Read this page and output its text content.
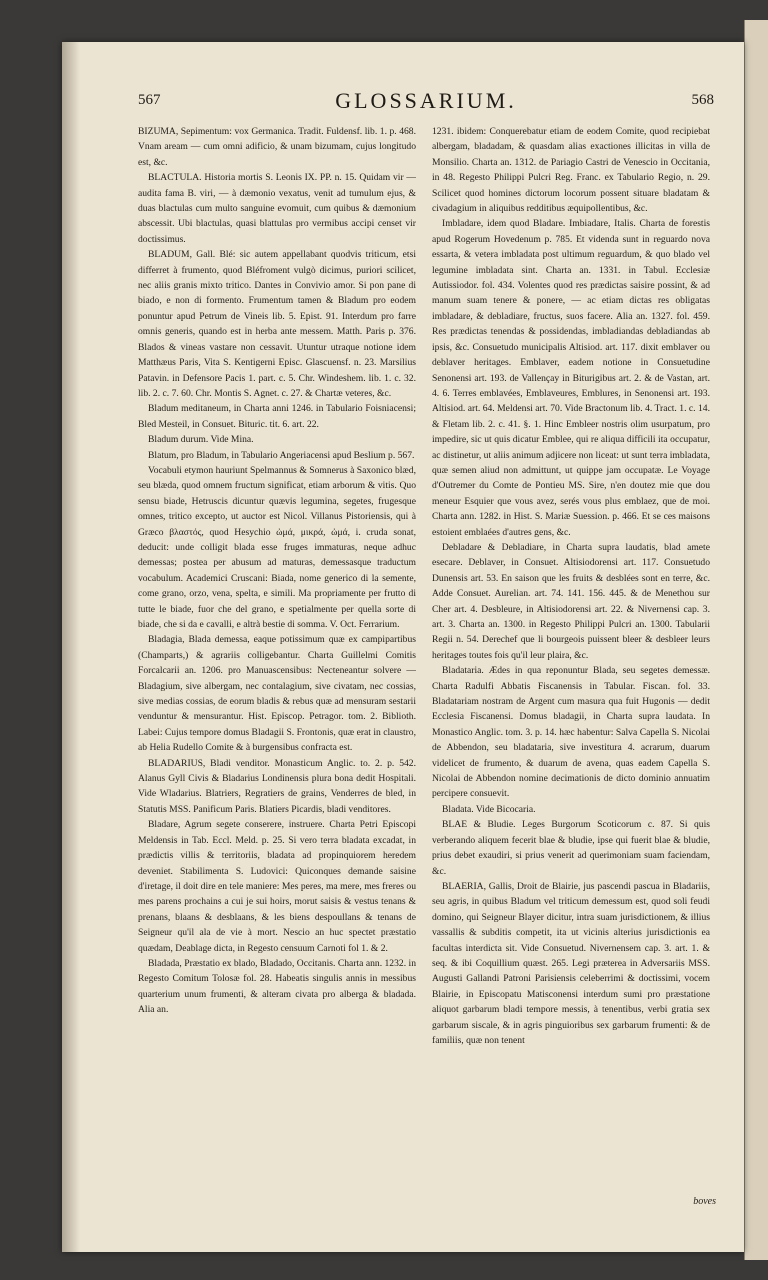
567	GLOSSARIUM.	568

BIZUMA, Sepimentum: vox Germanica. Tradit. Fuldensf. lib. 1. p. 468. Vnam aream — cum omni adificio, & unam bizumam, cujus longitudo est, &c.

BLACTULA. Historia mortis S. Leonis IX. PP. n. 15. Quidam vir — audita fama B. viri, — à dæmonio vexatus, venit ad tumulum ejus, & duas blactulas cum multo sanguine evomuit, cum quibus & dæmonium abscessit. Ubi blactulas, quasi blattulas pro vermibus accipi censet vir doctissimus.

BLADUM, Gall. Blé: sic autem appellabant quodvis triticum, etsi differret à frumento, quod Bléfroment vulgò dicimus, puriori scilicet, nec aliis granis mixto tritico. Dantes in Convivio amor. Si pon pane di biado, e non di formento. Frumentum tamen & Bladum pro eodem ponuntur apud Petrum de Vineis lib. 5. Epist. 91. Interdum pro farre omnis generis, quando est in herba ante messem. Matth. Paris p. 376. Blados & vineas vastare non cessavit. Utuntur utraque notione idem Matthæus Paris, Vita S. Kentigerni Episc. Glascuensf. n. 23. Marsilius Patavin. in Defensore Pacis 1. part. c. 5. Chr. Windeshem. lib. 1. c. 32. lib. 2. c. 7. 60. Chr. Montis S. Agnet. c. 27. & Chartæ veteres, &c.

Bladum meditaneum, in Charta anni 1246. in Tabulario Foisniacensi; Bled Mesteil, in Consuet. Bituric. tit. 6. art. 22.

Bladum durum. Vide Mina.

Blatum, pro Bladum, in Tabulario Angeriacensi apud Beslium p. 567.

Vocabuli etymon hauriunt Spelmannus & Somnerus à Saxonico blæd, seu blæda, quod omnem fructum significat, etiam arborum & vitis. Quo sensu biade, Hetruscis dicuntur quævis legumina, segetes, frugesque omnes, tritico excepto, ut auctor est Nicol. Villanus Pistoriensis, qui à Græco βλαστός, quod Hesychio ὠμά, μικρά, ὠμά, i. cruda sonat, deducit: unde colligit blada esse fruges immaturas, neque adhuc demessas; postea per abusum ad maturas, demessasque traductum vocabulum. Academici Cruscani: Biada, nome generico di la semente, come grano, orzo, vena, spelta, e simili. Ma propriamente per frutto di tutte le biade, fuor che del grano, e spetialmente per quella sorte di biade, che si da e cavalli, e altrà bestie di somma. V. Oct. Ferrarium.

Bladagia, Blada demessa, eaque potissimum quæ ex campipartibus (Champarts,) & agrariis colligebantur. Charta Guillelmi Comitis Forcalcarii an. 1206. pro Manuascensibus: Necteneantur solvere — Bladagium, sive albergam, nec contalagium, sive civatam, nec cossias, sive medias cossias, de eorum bladis & rebus quæ ad mensuram sestarii venduntur & mensurantur. Hist. Episcop. Petragor. tom. 2. Biblioth. Labei: Cujus tempore domus Bladagii S. Frontonis, quæ erat in claustro, ab Helia Rudello Comite & à burgensibus confracta est.

BLADARIUS, Bladi venditor. Monasticum Anglic. to. 2. p. 542. Alanus Gyll Civis & Bladarius Londinensis plura bona dedit Hospitali. Vide Wladarius. Blatriers, Regratiers de grains, Venderres de bled, in Statutis MSS. Panificum Paris. Blatiers Picardis, bladi venditores.

Bladare, Agrum segete conserere, instruere. Charta Petri Episcopi Meldensis in Tab. Eccl. Meld. p. 25. Si vero terra bladata excadat, in prædictis villis & territoriis, bladata ad propinquiorem heredem deveniet. Stabilimenta S. Ludovici: Quiconques demande saisine d'iretage, il doit dire en tele maniere: Mes peres, ma mere, mes freres ou mes parens prochains a cui je sui hoirs, morut saisis & vestus tenans & prenans, blaans & desblaans, & les biens despoullans & tenans de Seigneur qu'il ala de vie à mort. Nescio an huc spectet præstatio quædam, Deablage dicta, in Regesto censuum Carnoti fol 1. & 2.

Bladada, Præstatio ex blado, Bladado, Occitanis. Charta ann. 1232. in Regesto Comitum Tolosæ fol. 28. Habeatis singulis annis in messibus quarterium unum frumenti, & alteram civata pro alberga & bladada. Alia an.

1231. ibidem: Conquerebatur etiam de eodem Comite, quod recipiebat albergam, bladadam, & quasdam alias exactiones illicitas in villa de Monsilio. Charta an. 1312. de Pariagio Castri de Venescio in Occitania, in 48. Regesto Philippi Pulcri Reg. Franc. ex Tabulario Regio, n. 29. Scilicet quod homines dictorum locorum possent situare bladatam & civadagium in aliquibus redditibus æquipollentibus, &c.

Imbladare, idem quod Bladare. Imbiadare, Italis. Charta de forestis apud Rogerum Hovedenum p. 785. Et videnda sunt in reguardo nova essarta, & vetera imbladata post ultimum reguardum, & quo blado vel legumine imbladata sint. Charta an. 1331. in Tabul. Ecclesiæ Autissiodor. fol. 434. Volentes quod res prædictas saisire possint, & ad manum suam tenere & ponere, — ac etiam dictas res obligatas imbladare, & debladiare, fructus, suos facere. Alia an. 1327. fol. 459. Res prædictas tenendas & possidendas, imbladiandas debladiandas ab ipsis, &c. Consuetudo municipalis Altisiod. art. 117. dixit emblaver ou deblaver heritages. Emblaver, eadem notione in Consuetudine Senonensi art. 193. de Vallençay in Biturigibus art. 2. & de Vastan, art. 4. 6. Terres emblavées, Emblaveures, Emblures, in Senonensi art. 193. Altisiod. art. 64. Meldensi art. 70. Vide Bractonum lib. 4. Tract. 1. c. 14. & Fletam lib. 2. c. 41. §. 1. Hinc Embleer nostris olim usurpatum, pro impedire, sic ut quis dicatur Emblee, qui re aliqua difficili ita occupatur, ac distinetur, ut aliis animum adjicere non liceat: ut sunt terra imbladata, quæ semen aliud non admittunt, ut quippe jam occupatæ. Le Voyage d'Outremer du Comte de Pontieu MS. Sire, n'en doutez mie que dou meneur Esquier que vous avez, serés vous plus emblaez, que de moi. Charta ann. 1282. in Hist. S. Mariæ Suession. p. 466. Et se ces maisons estoient emblaées d'autres gens, &c.

Debladare & Debladiare, in Charta supra laudatis, blad amete esecare. Deblaver, in Consuet. Altisiodorensi art. 117. Consuetudo Dunensis art. 53. En saison que les fruits & desblées sont en terre, &c. Adde Consuet. Aurelian. art. 74. 141. 156. 445. & de Menethou sur Cher art. 4. Desbleure, in Altisiodorensi art. 22. & Nivernensi cap. 3. art. 3. Charta an. 1300. in Regesto Philippi Pulcri an. 1300. Tabularii Regii n. 54. Derechef que li bourgeois puissent bleer & desbleer leurs heritages toutes fois qu'il leur plaira, &c.

Bladataria. Ædes in qua reponuntur Blada, seu segetes demessæ. Charta Radulfi Abbatis Fiscanensis in Tabular. Fiscan. fol. 33. Bladatariam nostram de Argent cum masura qua fuit Hugonis — dedit Ecclesia Fiscanensi. Domus bladagii, in Charta supra laudata. In Monastico Anglic. tom. 3. p. 14. hæc habentur: Salva Capella S. Nicolai de Abbendon, seu bladataria, sive investitura 4. acrarum, duarum videlicet de frumento, & duarum de avena, quas eadem Capella S. Nicolai de Abbendon nomine decimationis de dicto dominio annuatim percipere consuevit.

Bladata. Vide Bicocaria.

BLAE & Bludie. Leges Burgorum Scoticorum c. 87. Si quis verberando aliquem fecerit blae & bludie, ipse qui fuerit blae & bludie, prius debet exaudiri, si prius venerit ad querimoniam suam faciendam, &c.

BLAERIA, Gallis, Droit de Blairie, jus pascendi pascua in Bladariis, seu agris, in quibus Bladum vel triticum demessum est, quod soli feudi domino, qui Seigneur Blayer dicitur, intra suam jurisdictionem, & illius vassallis & subditis competit, ita ut vicinis alterius jurisdictionis ea facultas interdicta sit. Vide Consuetud. Nivernensem cap. 3. art. 1. & seq. & ibi Coquillium quæst. 265. Legi præterea in Adversariis MSS. Augusti Gallandi Patroni Parisiensis celeberrimi & doctissimi, vocem Blairie, in Episcopatu Matisconensi interdum sumi pro præstatione aliquot garbarum bladi tempore messis, à tenentibus, verbi gratia sex garbarum siscale, & in agris pinguioribus sex garbarum frumenti: & de familiis, quæ non tenent

boves
